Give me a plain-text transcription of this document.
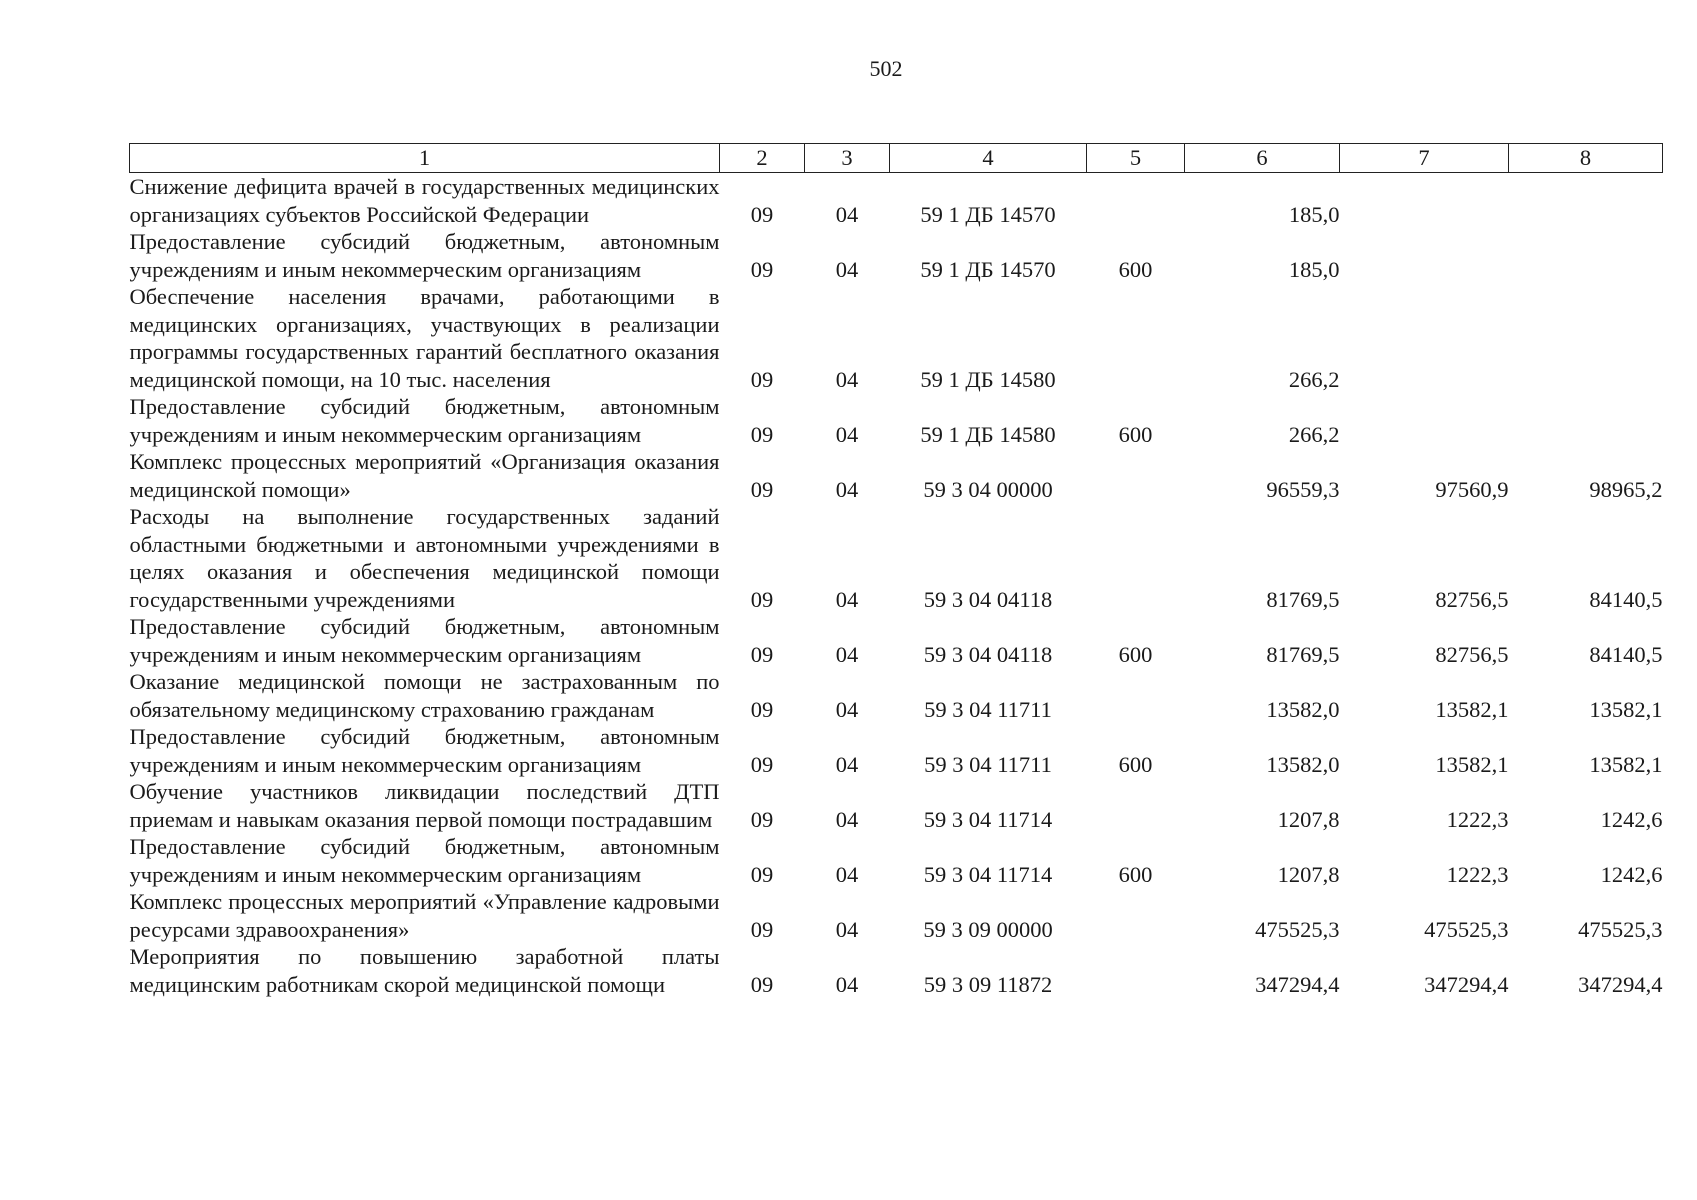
502
1	2	3	4	5	6	7	8
Снижение дефицита врачей в государственных медицинских организациях субъектов Российской Федерации	09	04	59 1 ДБ 14570		185,0		
Предоставление субсидий бюджетным, автономным учреждениям и иным некоммерческим организациям	09	04	59 1 ДБ 14570	600	185,0		
Обеспечение населения врачами, работающими в медицинских организациях, участвующих в реализации программы государственных гарантий бесплатного оказания медицинской помощи, на 10 тыс. населения	09	04	59 1 ДБ 14580		266,2		
Предоставление субсидий бюджетным, автономным учреждениям и иным некоммерческим организациям	09	04	59 1 ДБ 14580	600	266,2		
Комплекс процессных мероприятий «Организация оказания медицинской помощи»	09	04	59 3 04 00000		96559,3	97560,9	98965,2
Расходы на выполнение государственных заданий областными бюджетными и автономными учреждениями в целях оказания и обеспечения медицинской помощи государственными учреждениями	09	04	59 3 04 04118		81769,5	82756,5	84140,5
Предоставление субсидий бюджетным, автономным учреждениям и иным некоммерческим организациям	09	04	59 3 04 04118	600	81769,5	82756,5	84140,5
Оказание медицинской помощи не застрахованным по обязательному медицинскому страхованию гражданам	09	04	59 3 04 11711		13582,0	13582,1	13582,1
Предоставление субсидий бюджетным, автономным учреждениям и иным некоммерческим организациям	09	04	59 3 04 11711	600	13582,0	13582,1	13582,1
Обучение участников ликвидации последствий ДТП приемам и навыкам оказания первой помощи пострадавшим	09	04	59 3 04 11714		1207,8	1222,3	1242,6
Предоставление субсидий бюджетным, автономным учреждениям и иным некоммерческим организациям	09	04	59 3 04 11714	600	1207,8	1222,3	1242,6
Комплекс процессных мероприятий «Управление кадровыми ресурсами здравоохранения»	09	04	59 3 09 00000		475525,3	475525,3	475525,3
Мероприятия по повышению заработной платы медицинским работникам скорой медицинской помощи	09	04	59 3 09 11872		347294,4	347294,4	347294,4
